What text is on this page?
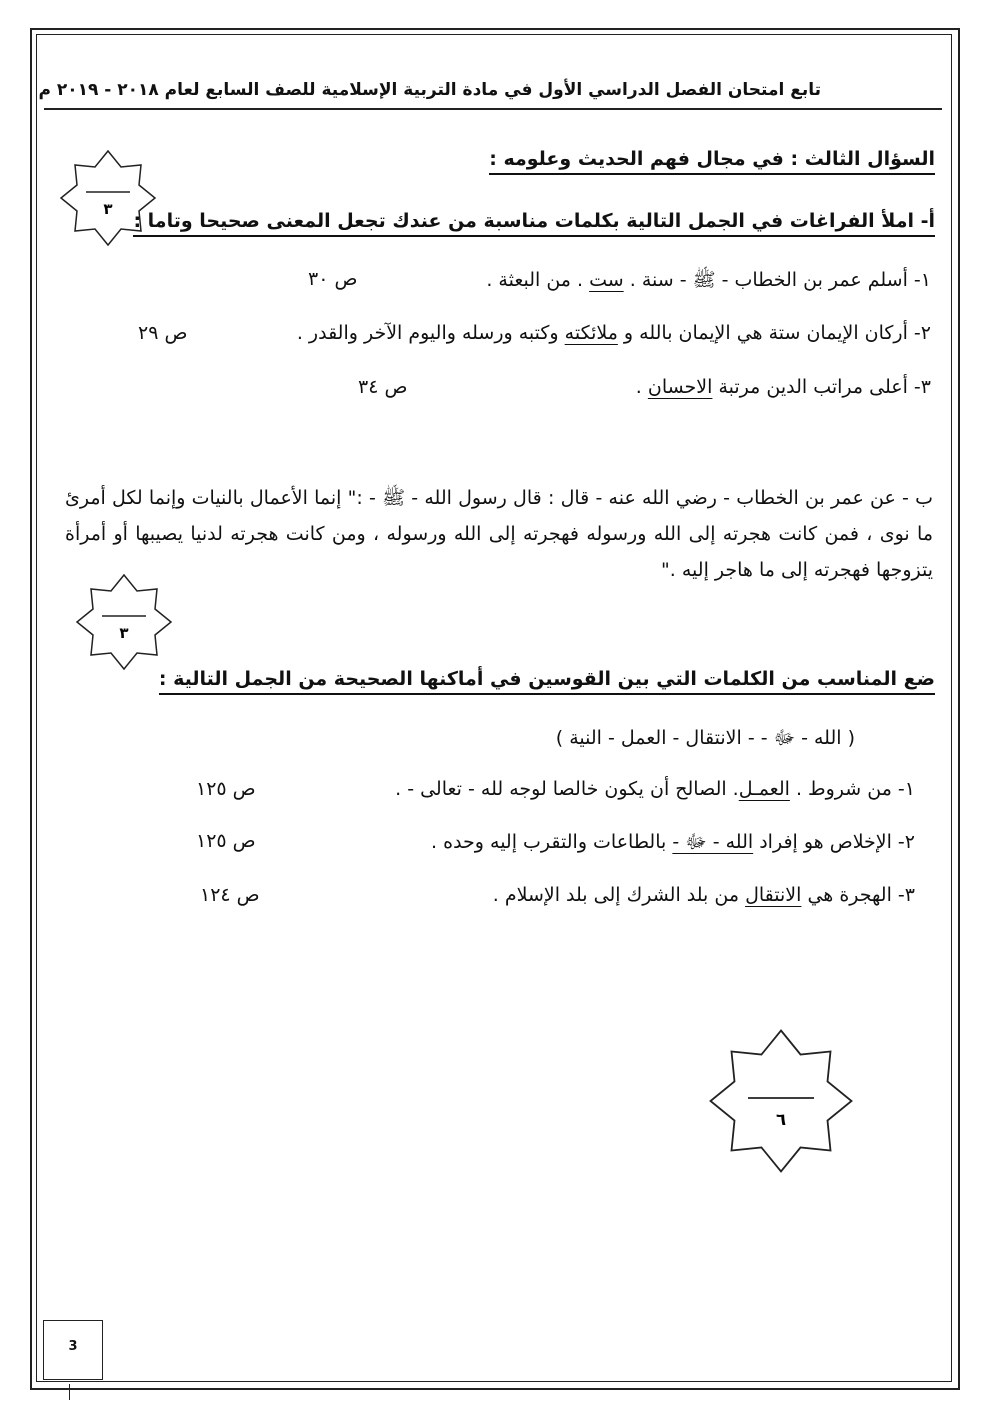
تابع امتحان الفصل الدراسي الأول في مادة التربية الإسلامية للصف السابع لعام ٢٠١٨ - ٢٠١٩ م
السؤال الثالث : في مجال فهم الحديث وعلومه :
٣
أ- املأ الفراغات في الجمل التالية بكلمات مناسبة من عندك تجعل المعنى صحيحا وتاما :
١- أسلم عمر بن الخطاب - ﷺ - سنة . ست . من البعثة .
ص ٣٠
٢- أركان الإيمان ستة هي الإيمان بالله و ملائكته وكتبه ورسله واليوم الآخر والقدر .
ص ٢٩
٣- أعلى مراتب الدين مرتبة الاحسان .
ص ٣٤
ب - عن عمر بن الخطاب - رضي الله عنه - قال : قال رسول الله - ﷺ - :" إنما الأعمال بالنيات وإنما لكل أمرئ ما نوى ، فمن كانت هجرته إلى الله ورسوله فهجرته إلى الله ورسوله ، ومن كانت هجرته لدنيا يصيبها أو أمرأة يتزوجها فهجرته إلى ما هاجر إليه ."
٣
ضع المناسب من الكلمات التي بين القوسين في أماكنها الصحيحة من الجمل التالية :
( الله - ﷻ - - الانتقال - العمل - النية )
١- من شروط . العمـل. الصالح أن يكون خالصا لوجه لله - تعالى - .
ص ١٢٥
٢- الإخلاص هو إفراد الله - ﷻ - بالطاعات والتقرب إليه وحده .
ص ١٢٥
٣- الهجرة هي الانتقال من بلد الشرك إلى بلد الإسلام .
ص ١٢٤
٦
3
